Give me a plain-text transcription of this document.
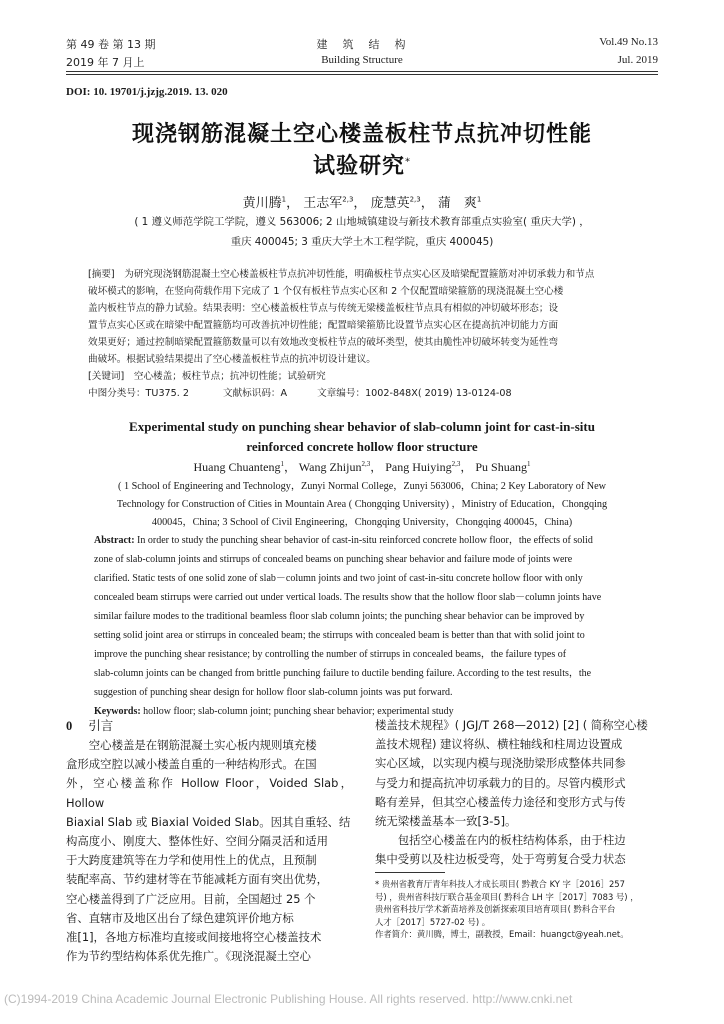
第 49 卷 第 13 期
2019 年 7 月上
建　筑　结　构
Building Structure
Vol.49 No.13
Jul. 2019
DOI: 10. 19701/j.jzjg.2019. 13. 020
现浇钢筋混凝土空心楼盖板柱节点抗冲切性能
试验研究*
黄川腾$^1$， 王志军$^{2,3}$， 庞慧英$^{2,3}$， 蒲　爽$^1$
( 1 遵义师范学院工学院，遵义 563006; 2 山地城镇建设与新技术教育部重点实验室( 重庆大学) ，
重庆 400045; 3 重庆大学土木工程学院，重庆 400045)
[摘要]　 为研究现浇钢筋混凝土空心楼盖板柱节点抗冲切性能，明确板柱节点实心区及暗梁配置箍筋对冲切承载力和节点
破坏模式的影响，在竖向荷载作用下完成了 1 个仅有板柱节点实心区和 2 个仅配置暗梁箍筋的现浇混凝土空心楼
盖内板柱节点的静力试验。结果表明：空心楼盖板柱节点与传统无梁楼盖板柱节点具有相似的冲切破坏形态；设
置节点实心区或在暗梁中配置箍筋均可改善抗冲切性能；配置暗梁箍筋比设置节点实心区在提高抗冲切能力方面
效果更好；通过控制暗梁配置箍筋数量可以有效地改变板柱节点的破坏类型，使其由脆性冲切破坏转变为延性弯
曲破坏。根据试验结果提出了空心楼盖板柱节点的抗冲切设计建议。
[关键词]　 空心楼盖；板柱节点；抗冲切性能；试验研究
中图分类号：TU375. 2	文献标识码：A	文章编号：1002-848X( 2019) 13-0124-08
Experimental study on punching shear behavior of slab-column joint for cast-in-situ
reinforced concrete hollow floor structure
Huang Chuanteng$^1$， Wang Zhijun$^{2,3}$， Pang Huiying$^{2,3}$， Pu Shuang$^1$
( 1 School of Engineering and Technology，Zunyi Normal College，Zunyi 563006，China; 2 Key Laboratory of New
Technology for Construction of Cities in Mountain Area ( Chongqing University) ，Ministry of Education，Chongqing
400045，China; 3 School of Civil Engineering，Chongqing University，Chongqing 400045，China)
Abstract: In order to study the punching shear behavior of cast-in-situ reinforced concrete hollow floor，the effects of solid
zone of slab-column joints and stirrups of concealed beams on punching shear behavior and failure mode of joints were
clarified. Static tests of one solid zone of slab－column joints and two joint of cast-in-situ concrete hollow floor with only
concealed beam stirrups were carried out under vertical loads. The results show that the hollow floor slab－column joints have
similar failure modes to the traditional beamless floor slab column joints; the punching shear behavior can be improved by
setting solid joint area or stirrups in concealed beam; the stirrups with concealed beam is better than that with solid joint to
improve the punching shear resistance; by controlling the number of stirrups in concealed beams，the failure types of
slab-column joints can be changed from brittle punching failure to ductile bending failure. According to the test results，the
suggestion of punching shear design for hollow floor slab-column joints was put forward.
Keywords: hollow floor; slab-column joint; punching shear behavior; experimental study
0 引言
　　空心楼盖是在钢筋混凝土实心板内规则填充楼
盒形成空腔以减小楼盖自重的一种结构形式。在国
外，空心楼盖称作 Hollow Floor，Voided Slab，Hollow
Biaxial Slab 或 Biaxial Voided Slab。因其自重轻、结
构高度小、刚度大、整体性好、空间分隔灵活和适用
于大跨度建筑等在力学和使用性上的优点，且预制
装配率高、节约建材等在节能减耗方面有突出优势，
空心楼盖得到了广泛应用。目前，全国超过 25 个
省、直辖市及地区出台了绿色建筑评价地方标
准[1]，各地方标准均直接或间接地将空心楼盖技术
作为节约型结构体系优先推广。《现浇混凝土空心
楼盖技术规程》( JGJ/T 268—2012) [2] ( 简称空心楼
盖技术规程) 建议将纵、横柱轴线和柱周边设置成
实心区域，以实现内模与现浇肋梁形成整体共同参
与受力和提高抗冲切承载力的目的。尽管内模形式
略有差异，但其空心楼盖传力途径和变形方式与传
统无梁楼盖基本一致[3-5]。
　　包括空心楼盖在内的板柱结构体系，由于柱边
集中受剪以及柱边板受弯，处于弯剪复合受力状态
* 贵州省教育厅青年科技人才成长项目( 黔教合 KY 字［2016］257
号) ，贵州省科技厅联合基金项目( 黔科合 LH 字［2017］7083 号) ，
贵州省科技厅学术新苗培养及创新探索项目培育项目( 黔科合平台
人才［2017］5727-02 号) 。
作者简介：黄川腾，博士，副教授，Email：huangct@yeah.net。
(C)1994-2019 China Academic Journal Electronic Publishing House. All rights reserved. http://www.cnki.net
